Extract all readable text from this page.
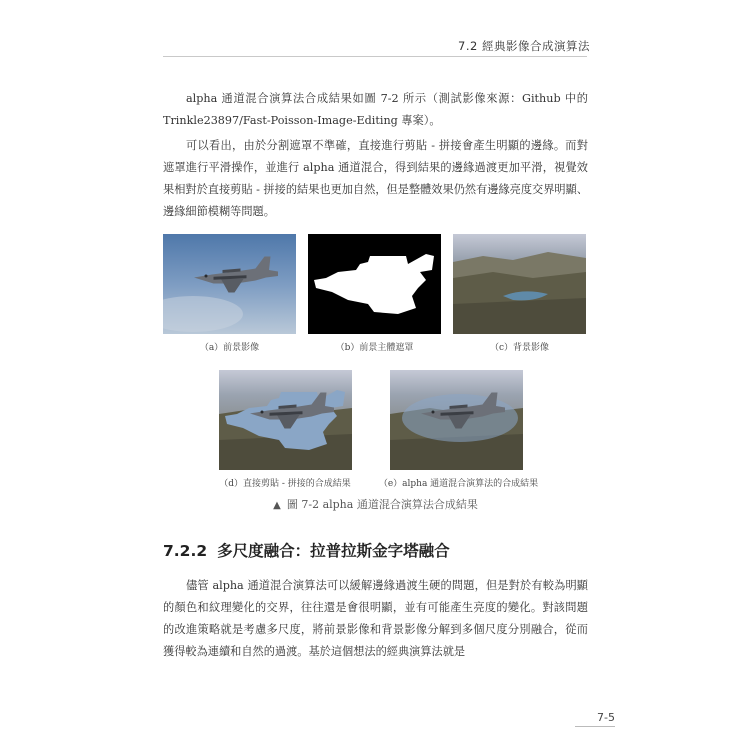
7.2 經典影像合成演算法

alpha 通道混合演算法合成結果如圖 7-2 所示（測試影像來源：Github 中的 Trinkle23897/Fast-Poisson-Image-Editing 專案）。

可以看出，由於分割遮罩不準確，直接進行剪貼 - 拼接會產生明顯的邊緣。而對遮罩進行平滑操作，並進行 alpha 通道混合，得到結果的邊緣過渡更加平滑，視覺效果相對於直接剪貼 - 拼接的結果也更加自然，但是整體效果仍然有邊緣亮度交界明顯、邊緣細節模糊等問題。

（a）前景影像	（b）前景主體遮罩	（c）背景影像
（d）直接剪貼 - 拼接的合成結果	（e）alpha 通道混合演算法的合成結果
▲ 圖 7-2 alpha 通道混合演算法合成結果
7.2.2 多尺度融合：拉普拉斯金字塔融合

儘管 alpha 通道混合演算法可以緩解邊緣過渡生硬的問題，但是對於有較為明顯的顏色和紋理變化的交界，往往還是會很明顯，並有可能產生亮度的變化。對該問題的改進策略就是考慮多尺度，將前景影像和背景影像分解到多個尺度分別融合，從而獲得較為連續和自然的過渡。基於這個想法的經典演算法就是

7-5
